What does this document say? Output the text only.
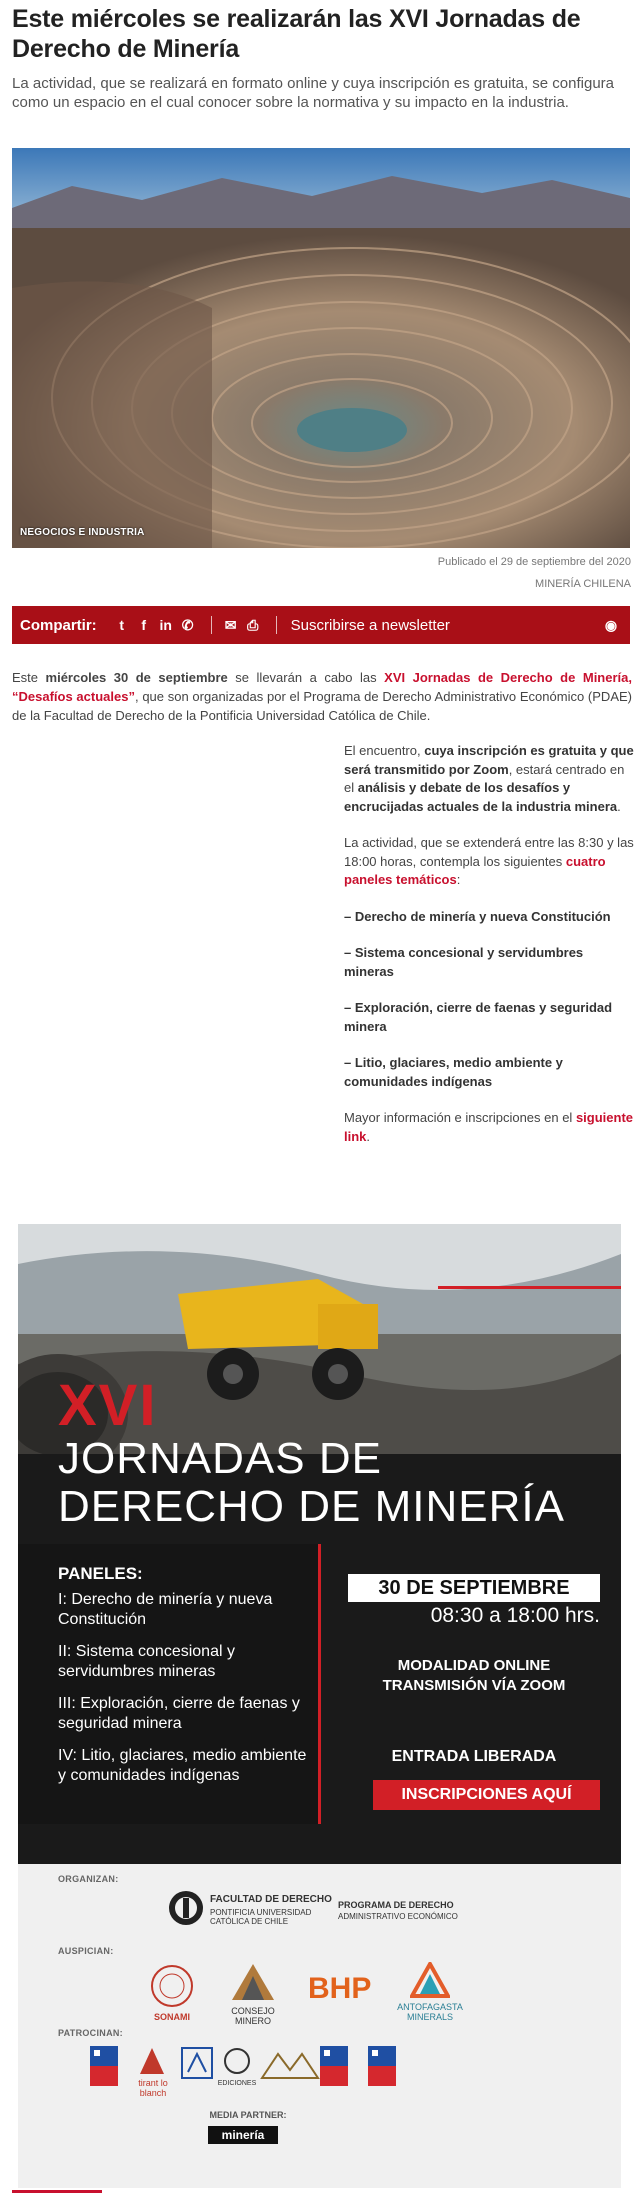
Este miércoles se realizarán las XVI Jornadas de Derecho de Minería
La actividad, que se realizará en formato online y cuya inscripción es gratuita, se configura como un espacio en el cual conocer sobre la normativa y su impacto en la industria.
NEGOCIOS E INDUSTRIA
Publicado el 29 de septiembre del 2020
MINERÍA CHILENA
Compartir:	t	f in ✆ ✉ ⎙ Suscribirse a newsletter	◉
Este miércoles 30 de septiembre se llevarán a cabo las XVI Jornadas de Derecho de Minería, “Desafíos actuales”, que son organizadas por el Programa de Derecho Administrativo Económico (PDAE) de la Facultad de Derecho de la Pontificia Universidad Católica de Chile.

El encuentro, cuya inscripción es gratuita y que será transmitido por Zoom, estará centrado en el análisis y debate de los desafíos y encrucijadas actuales de la industria minera.

La actividad, que se extenderá entre las 8:30 y las 18:00 horas, contempla los siguientes cuatro paneles temáticos:

– Derecho de minería y nueva Constitución

– Sistema concesional y servidumbres mineras

– Exploración, cierre de faenas y seguridad minera

– Litio, glaciares, medio ambiente y comunidades indígenas

Mayor información e inscripciones en el siguiente link.

XVI
JORNADAS DE
DERECHO DE MINERÍA
PANELES:
I: Derecho de minería y nueva Constitución
II: Sistema concesional y servidumbres mineras
III: Exploración, cierre de faenas y seguridad minera
IV: Litio, glaciares, medio ambiente y comunidades indígenas
30 DE SEPTIEMBRE
08:30 a 18:00 hrs.
MODALIDAD ONLINE
TRANSMISIÓN VÍA ZOOM
ENTRADA LIBERADA
INSCRIPCIONES AQUÍ
ORGANIZAN:
FACULTAD DE DERECHO
PONTIFICIA UNIVERSIDAD CATÓLICA DE CHILE
PROGRAMA DE DERECHO
ADMINISTRATIVO ECONÓMICO
AUSPICIAN:
SONAMI
CONSEJO MINERO
BHP
ANTOFAGASTA MINERALS
PATROCINAN:
tirant lo blanch
EDICIONES
MEDIA PARTNER:
minería
